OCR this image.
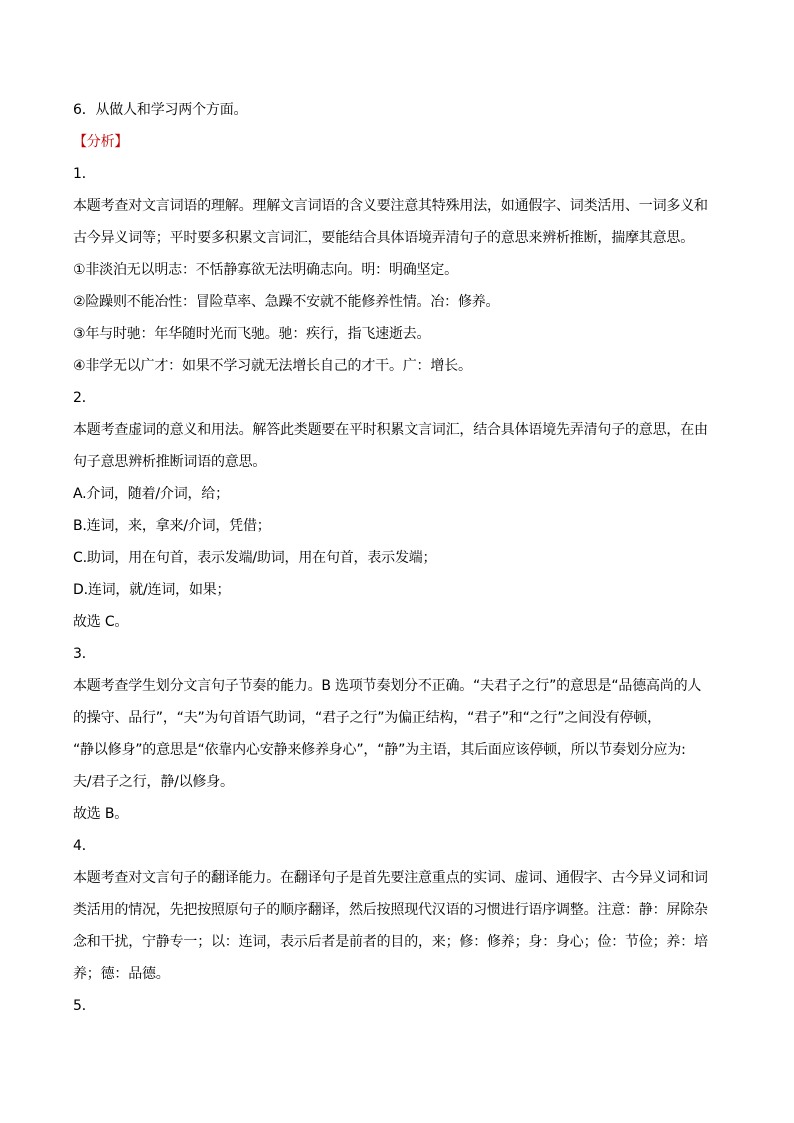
6．从做人和学习两个方面。

【分析】

1．

本题考查对文言词语的理解。理解文言词语的含义要注意其特殊用法，如通假字、词类活用、一词多义和

古今异义词等；平时要多积累文言词汇，要能结合具体语境弄清句子的意思来辨析推断，揣摩其意思。

①非淡泊无以明志：不恬静寡欲无法明确志向。明：明确坚定。

②险躁则不能冶性：冒险草率、急躁不安就不能修养性情。冶：修养。

③年与时驰：年华随时光而飞驰。驰：疾行，指飞速逝去。

④非学无以广才：如果不学习就无法增长自己的才干。广：增长。

2．

本题考查虚词的意义和用法。解答此类题要在平时积累文言词汇，结合具体语境先弄清句子的意思，在由

句子意思辨析推断词语的意思。

A.介词，随着/介词，给；

B.连词，来，拿来/介词，凭借；

C.助词，用在句首，表示发端/助词，用在句首，表示发端；

D.连词，就/连词，如果；

故选 C。

3．

本题考查学生划分文言句子节奏的能力。B 选项节奏划分不正确。“夫君子之行”的意思是“品德高尚的人

的操守、品行”，“夫”为句首语气助词，“君子之行”为偏正结构，“君子”和“之行”之间没有停顿，

“静以修身”的意思是“依靠内心安静来修养身心”，“静”为主语，其后面应该停顿，所以节奏划分应为:

夫/君子之行，静/以修身。

故选 B。

4．

本题考查对文言句子的翻译能力。在翻译句子是首先要注意重点的实词、虚词、通假字、古今异义词和词

类活用的情况，先把按照原句子的顺序翻译，然后按照现代汉语的习惯进行语序调整。注意：静：屏除杂

念和干扰，宁静专一；以：连词，表示后者是前者的目的，来；修：修养；身：身心；俭：节俭；养：培

养；德：品德。

5．
